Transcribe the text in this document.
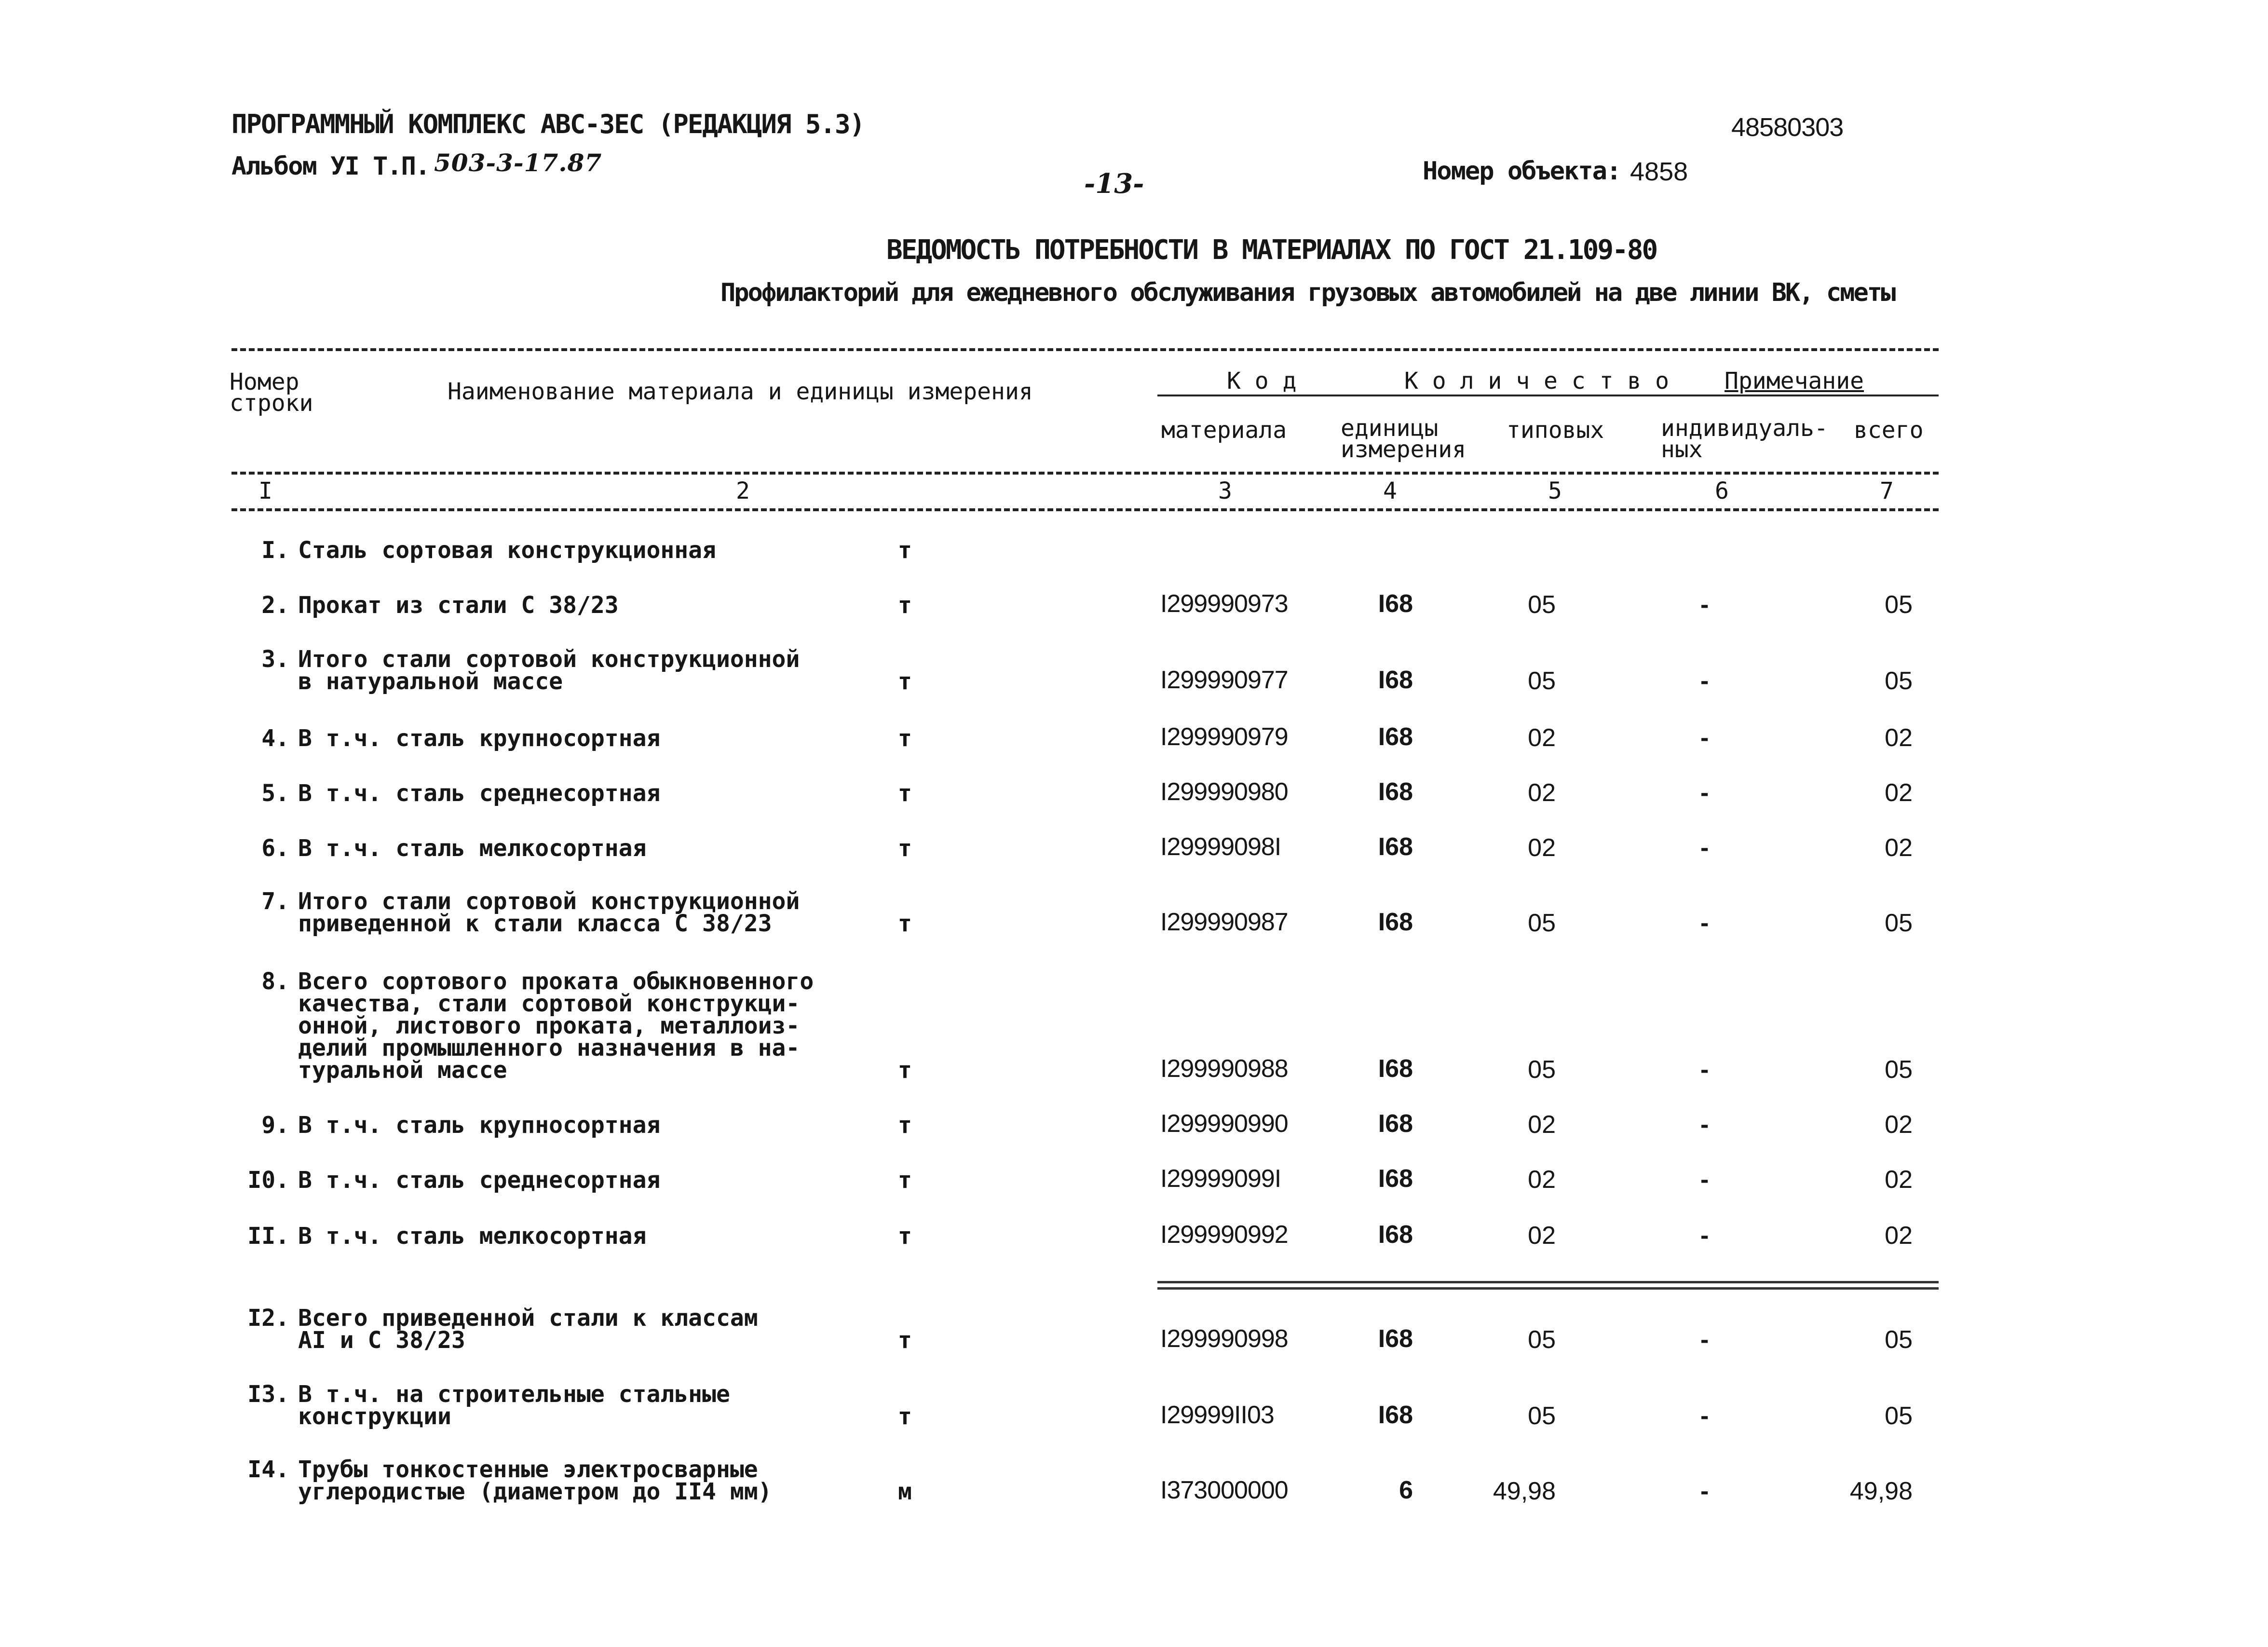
ПРОГРАММНЫЙ КОМПЛЕКС АВС-3ЕС (РЕДАКЦИЯ 5.3)
Альбом УI Т.П. 503-3-17.87
48580303
-13-	Номер объекта: 4858
ВЕДОМОСТЬ ПОТРЕБНОСТИ В МАТЕРИАЛАХ ПО ГОСТ 21.109-80
Профилакторий для ежедневного обслуживания грузовых автомобилей на две линии ВК, сметы
Номер
строки	Наименование материала и единицы измерения	К о д	К о л и ч е с т в о Примечание
материала единицы
измерения
типовых индивидуаль-
ных
всего
I	2	3	4	5	6	7
I. Сталь сортовая конструкционная	т
2. Прокат из стали С 38/23	т	I299990973	I68	05	-	05
3. Итого стали сортовой конструкционной
в натуральной массе	т	I299990977	I68	05	-	05
4. В т.ч. сталь крупносортная	т	I299990979	I68	02	-	02
5. В т.ч. сталь среднесортная	т	I299990980	I68	02	-	02
6. В т.ч. сталь мелкосортная	т	I29999098I	I68	02	-	02
7. Итого стали сортовой конструкционной
приведенной к стали класса С 38/23	т	I299990987	I68	05	-	05
8. Всего сортового проката обыкновенного
качества, стали сортовой конструкци-
онной, листового проката, металлоиз-
делий промышленного назначения в на-
туральной массе	т	I299990988	I68	05	-	05
9. В т.ч. сталь крупносортная	т	I299990990	I68	02	-	02
I0. В т.ч. сталь среднесортная	т	I29999099I	I68	02	-	02
II. В т.ч. сталь мелкосортная	т	I299990992	I68	02	-	02
I2. Всего приведенной стали к классам
AI и С 38/23	т	I299990998	I68	05	-	05
I3. В т.ч. на строительные стальные
конструкции	т	I29999II03	I68	05	-	05
I4. Трубы тонкостенные электросварные
углеродистые (диаметром до II4 мм)	м	I373000000	6	49,98	-	49,98
